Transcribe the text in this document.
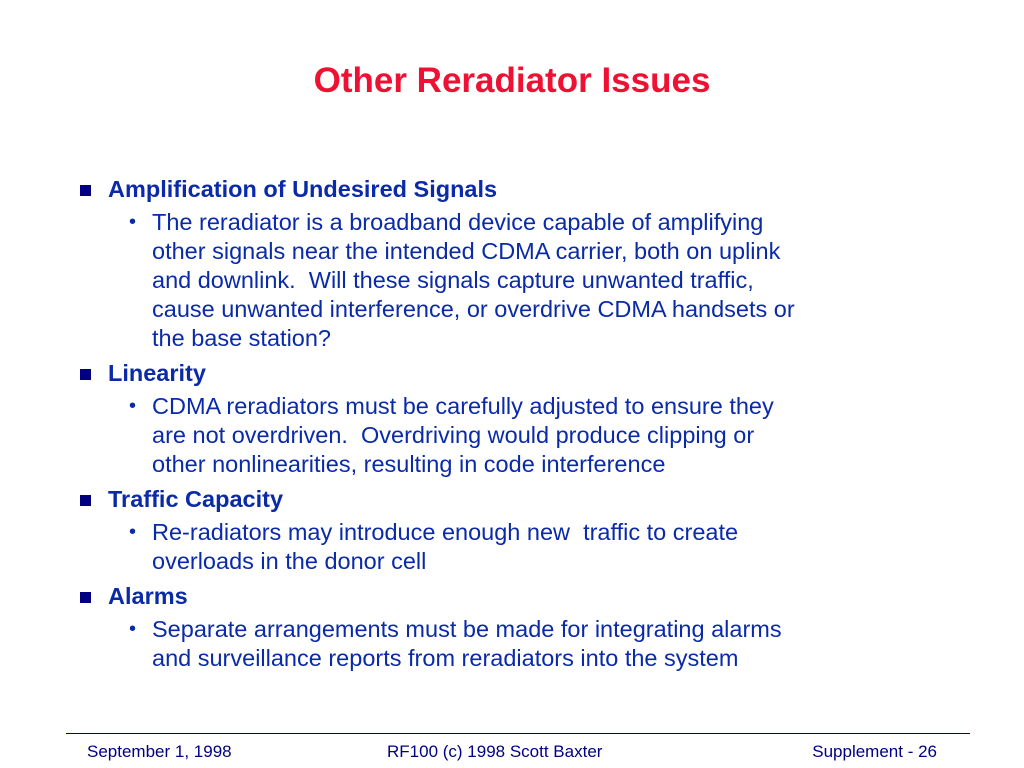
Other Reradiator Issues
Amplification of Undesired Signals
• The reradiator is a broadband device capable of amplifying
other signals near the intended CDMA carrier, both on uplink
and downlink.  Will these signals capture unwanted traffic,
cause unwanted interference, or overdrive CDMA handsets or
the base station?
Linearity
• CDMA reradiators must be carefully adjusted to ensure they
are not overdriven.  Overdriving would produce clipping or
other nonlinearities, resulting in code interference
Traffic Capacity
• Re-radiators may introduce enough new  traffic to create
overloads in the donor cell
Alarms
• Separate arrangements must be made for integrating alarms
and surveillance reports from reradiators into the system
September 1, 1998	RF100 (c) 1998 Scott Baxter	Supplement - 26
